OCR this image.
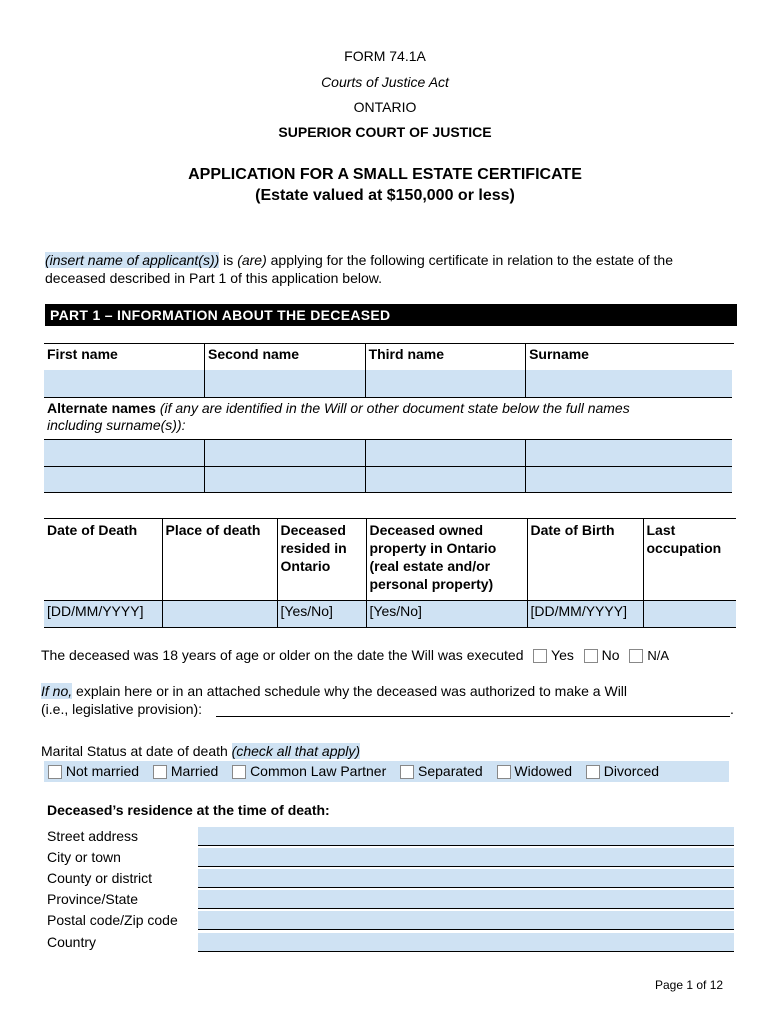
FORM 74.1A
Courts of Justice Act
ONTARIO
SUPERIOR COURT OF JUSTICE
APPLICATION FOR A SMALL ESTATE CERTIFICATE
(Estate valued at $150,000 or less)
(insert name of applicant(s)) is (are) applying for the following certificate in relation to the estate of the
deceased described in Part 1 of this application below.
PART 1 – INFORMATION ABOUT THE DECEASED
First name	Second name	Third name	Surname

Alternate names (if any are identified in the Will or other document state below the full names
including surname(s)):			

Date of Death	Place of death	Deceased
resided in
Ontario	Deceased owned
property in Ontario
(real estate and/or
personal property)	Date of Birth	Last
occupation
[DD/MM/YYYY]		[Yes/No]	[Yes/No]	[DD/MM/YYYY]	
The deceased was 18 years of age or older on the date the Will was executed Yes No N/A
If no, explain here or in an attached schedule why the deceased was authorized to make a Will
(i.e., legislative provision):	.
Marital Status at date of death (check all that apply)
Not married Married Common Law Partner Separated Widowed Divorced
Deceased’s residence at the time of death:
Street address
City or town
County or district
Province/State
Postal code/Zip code
Country
Page 1 of 12
